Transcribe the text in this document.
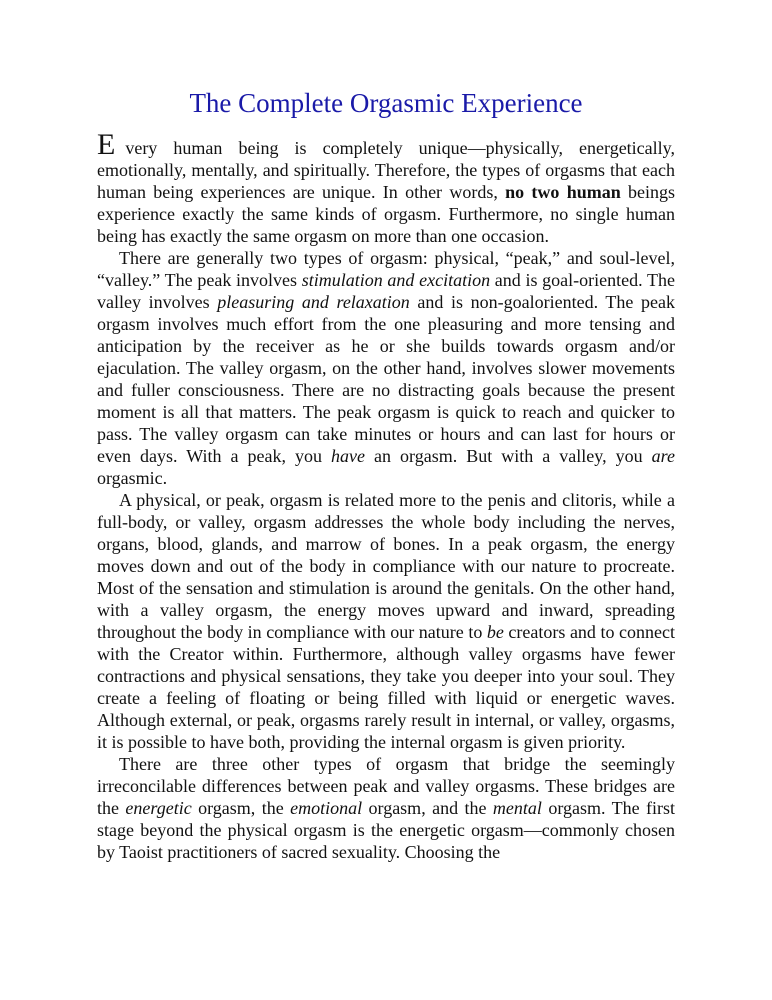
The Complete Orgasmic Experience

Every human being is completely unique—physically, energetically, emotionally, mentally, and spiritually. Therefore, the types of orgasms that each human being experiences are unique. In other words, no two human beings experience exactly the same kinds of orgasm. Furthermore, no single human being has exactly the same orgasm on more than one occasion.

There are generally two types of orgasm: physical, “peak,” and soul-level, “valley.” The peak involves stimulation and excitation and is goal-oriented. The valley involves pleasuring and relaxation and is non-goaloriented. The peak orgasm involves much effort from the one pleasuring and more tensing and anticipation by the receiver as he or she builds towards orgasm and/or ejaculation. The valley orgasm, on the other hand, involves slower movements and fuller consciousness. There are no distracting goals because the present moment is all that matters. The peak orgasm is quick to reach and quicker to pass. The valley orgasm can take minutes or hours and can last for hours or even days. With a peak, you have an orgasm. But with a valley, you are orgasmic.

A physical, or peak, orgasm is related more to the penis and clitoris, while a full-body, or valley, orgasm addresses the whole body including the nerves, organs, blood, glands, and marrow of bones. In a peak orgasm, the energy moves down and out of the body in compliance with our nature to procreate. Most of the sensation and stimulation is around the genitals. On the other hand, with a valley orgasm, the energy moves upward and inward, spreading throughout the body in compliance with our nature to be creators and to connect with the Creator within. Furthermore, although valley orgasms have fewer contractions and physical sensations, they take you deeper into your soul. They create a feeling of floating or being filled with liquid or energetic waves. Although external, or peak, orgasms rarely result in internal, or valley, orgasms, it is possible to have both, providing the internal orgasm is given priority.

There are three other types of orgasm that bridge the seemingly irreconcilable differences between peak and valley orgasms. These bridges are the energetic orgasm, the emotional orgasm, and the mental orgasm. The first stage beyond the physical orgasm is the energetic orgasm—commonly chosen by Taoist practitioners of sacred sexuality. Choosing the
